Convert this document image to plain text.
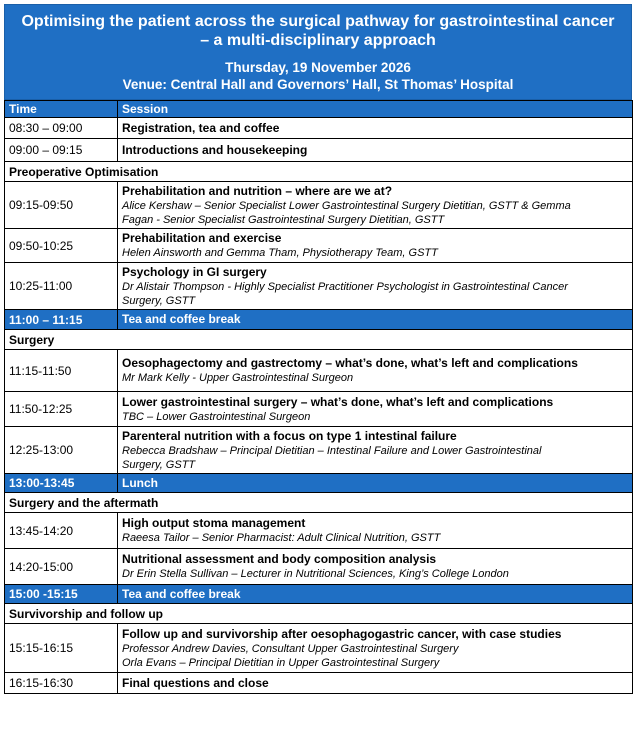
Optimising the patient across the surgical pathway for gastrointestinal cancer
– a multi-disciplinary approach
Thursday, 19 November 2026
Venue: Central Hall and Governors’ Hall, St Thomas’ Hospital
Time	Session
08:30 – 09:00	Registration, tea and coffee

09:00 – 09:15	Introductions and housekeeping

Preoperative Optimisation	
09:15-09:50	Prehabilitation and nutrition – where are we at?
Alice Kershaw – Senior Specialist Lower Gastrointestinal Surgery Dietitian, GSTT & Gemma
Fagan - Senior Specialist Gastrointestinal Surgery Dietitian, GSTT

09:50-10:25	Prehabilitation and exercise
Helen Ainsworth and Gemma Tham, Physiotherapy Team, GSTT

10:25-11:00	Psychology in GI surgery
Dr Alistair Thompson - Highly Specialist Practitioner Psychologist in Gastrointestinal Cancer
Surgery, GSTT

11:00 – 11:15	Tea and coffee break

Surgery	
11:15-11:50	Oesophagectomy and gastrectomy – what’s done, what’s left and complications
Mr Mark Kelly - Upper Gastrointestinal Surgeon

11:50-12:25	Lower gastrointestinal surgery – what’s done, what’s left and complications
TBC – Lower Gastrointestinal Surgeon

12:25-13:00	Parenteral nutrition with a focus on type 1 intestinal failure
Rebecca Bradshaw – Principal Dietitian – Intestinal Failure and Lower Gastrointestinal
Surgery, GSTT

13:00-13:45	Lunch

Surgery and the aftermath	
13:45-14:20	High output stoma management
Raeesa Tailor – Senior Pharmacist: Adult Clinical Nutrition, GSTT

14:20-15:00	Nutritional assessment and body composition analysis
Dr Erin Stella Sullivan – Lecturer in Nutritional Sciences, King’s College London

15:00 -15:15	Tea and coffee break

Survivorship and follow up	
15:15-16:15	Follow up and survivorship after oesophagogastric cancer, with case studies
Professor Andrew Davies, Consultant Upper Gastrointestinal Surgery
Orla Evans – Principal Dietitian in Upper Gastrointestinal Surgery

16:15-16:30	Final questions and close
